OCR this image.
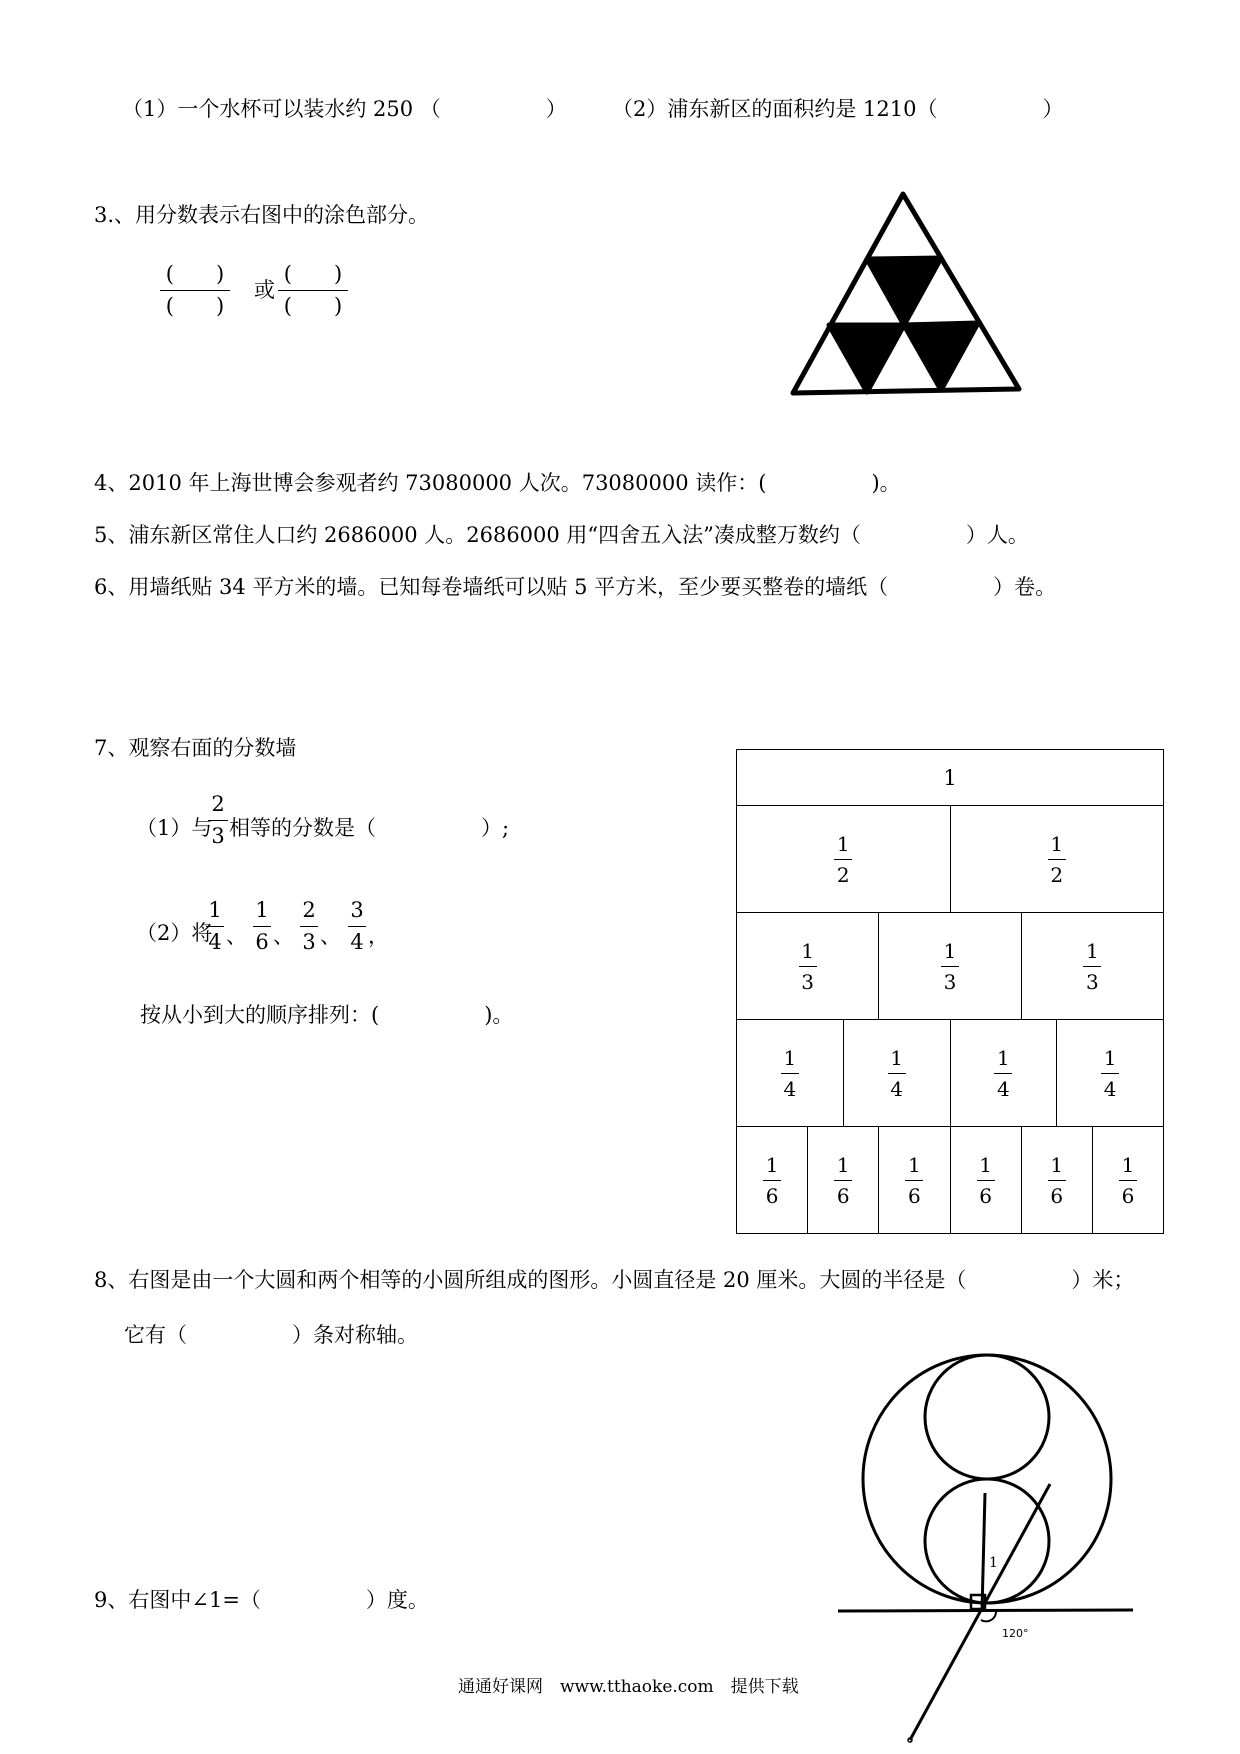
（1）一个水杯可以装水约 250 （　　　　　） （2）浦东新区的面积约是 1210（　　　　　）
3.、用分数表示右图中的涂色部分。
(　　)
(　　)
或
(　　)
(　　)
4、2010 年上海世博会参观者约 73080000 人次。73080000 读作：(　　　　　)。
5、浦东新区常住人口约 2686000 人。2686000 用“四舍五入法”凑成整万数约（　　　　　）人。
6、用墙纸贴 34 平方米的墙。已知每卷墙纸可以贴 5 平方米，至少要买整卷的墙纸（　　　　　）卷。
7、观察右面的分数墙
（1）与
2
3 相等的分数是（　　　　　）;
（2）将
1
4 、
1
6 、
2
3 、
3
4 ，
按从小到大的顺序排列：(　　　　　)。
1
1
2
1
2
1
3
1
3
1
3
1
4
1
4
1
4
1
4
1
6
1
6
1
6
1
6
1
6
1
6
8、右图是由一个大圆和两个相等的小圆所组成的图形。小圆直径是 20 厘米。大圆的半径是（　　　　　）米；
它有（　　　　　）条对称轴。
9、右图中∠1=（　　　　　）度。
1
120°
通通好课网　www.tthaoke.com　提供下载
